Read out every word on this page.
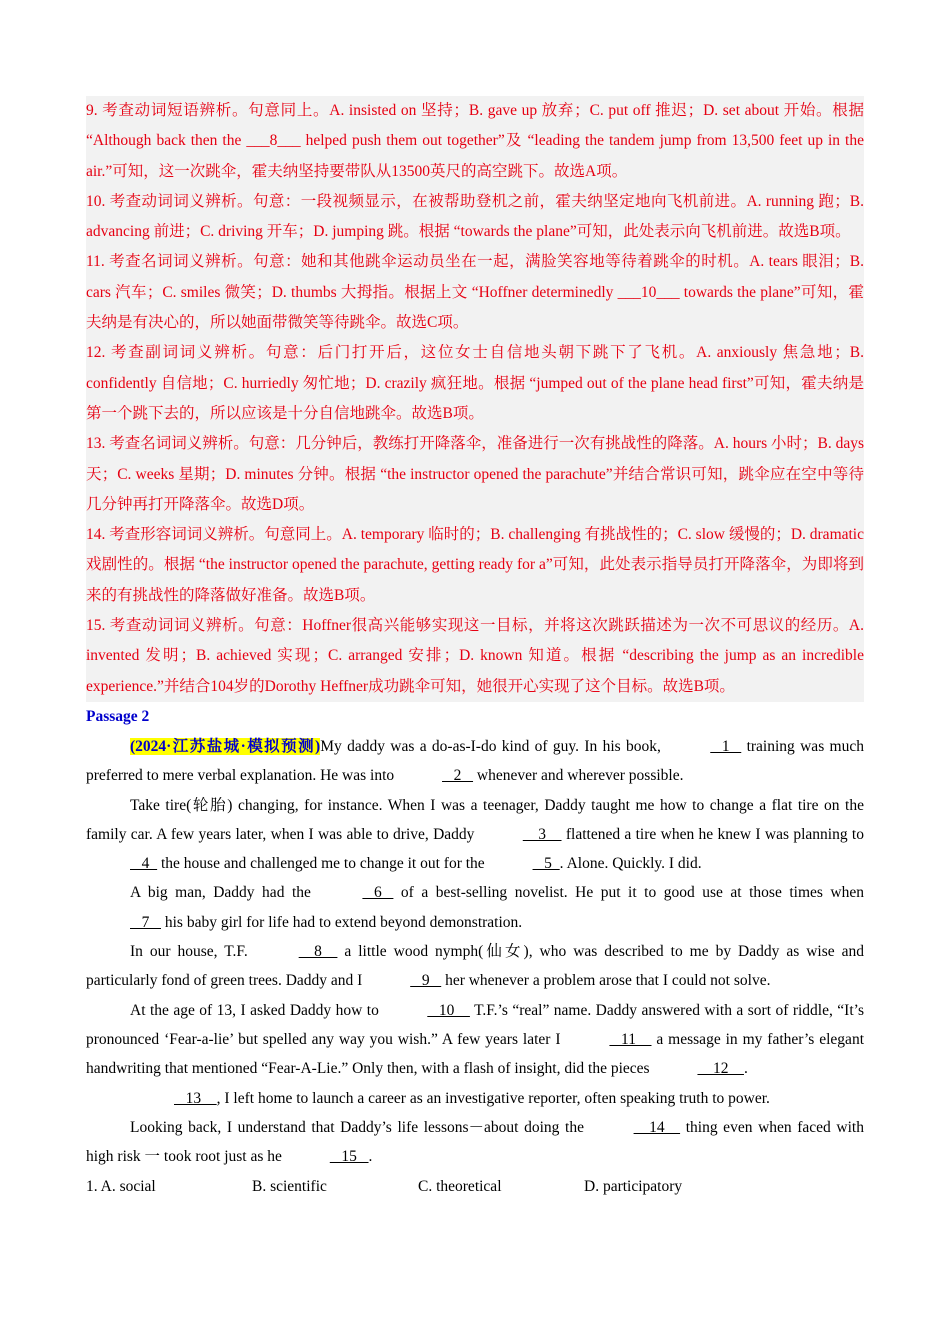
9. 考查动词短语辨析。句意同上。A. insisted on 坚持；B. gave up 放弃；C. put off 推迟；D. set about 开始。根据 “Although back then the ___8___ helped push them out together”及 “leading the tandem jump from 13,500 feet up in the air.”可知，这一次跳伞，霍夫纳坚持要带队从13500英尺的高空跳下。故选A项。

10. 考查动词词义辨析。句意：一段视频显示，在被帮助登机之前，霍夫纳坚定地向飞机前进。A. running 跑；B. advancing 前进；C. driving 开车；D. jumping 跳。根据 “towards the plane”可知，此处表示向飞机前进。故选B项。

11. 考查名词词义辨析。句意：她和其他跳伞运动员坐在一起，满脸笑容地等待着跳伞的时机。A. tears 眼泪；B. cars 汽车；C. smiles 微笑；D. thumbs 大拇指。根据上文 “Hoffner determinedly ___10___ towards the plane”可知，霍夫纳是有决心的，所以她面带微笑等待跳伞。故选C项。

12. 考查副词词义辨析。句意：后门打开后，这位女士自信地头朝下跳下了飞机。A. anxiously 焦急地；B. confidently 自信地；C. hurriedly 匆忙地；D. crazily 疯狂地。根据 “jumped out of the plane head first”可知，霍夫纳是第一个跳下去的，所以应该是十分自信地跳伞。故选B项。

13. 考查名词词义辨析。句意：几分钟后，教练打开降落伞，准备进行一次有挑战性的降落。A. hours 小时；B. days 天；C. weeks 星期；D. minutes 分钟。根据 “the instructor opened the parachute”并结合常识可知，跳伞应在空中等待几分钟再打开降落伞。故选D项。

14. 考查形容词词义辨析。句意同上。A. temporary 临时的；B. challenging 有挑战性的；C. slow 缓慢的；D. dramatic 戏剧性的。根据 “the instructor opened the parachute, getting ready for a”可知，此处表示指导员打开降落伞，为即将到来的有挑战性的降落做好准备。故选B项。

15. 考查动词词义辨析。句意：Hoffner很高兴能够实现这一目标，并将这次跳跃描述为一次不可思议的经历。A. invented 发明；B. achieved 实现；C. arranged 安排；D. known 知道。根据 “describing the jump as an incredible experience.”并结合104岁的Dorothy Heffner成功跳伞可知，她很开心实现了这个目标。故选B项。

Passage 2

(2024·江苏盐城·模拟预测)My daddy was a do-as-I-do kind of guy. In his book,	1    training was much preferred to mere verbal explanation. He was into	2    whenever and wherever possible.

Take tire(轮胎) changing, for instance. When I was a teenager, Daddy taught me how to change a flat tire on the family car. A few years later, when I was able to drive, Daddy	3     flattened a tire when he knew I was planning to    4   the house and challenged me to change it out for the	5  . Alone. Quickly. I did.

A big man, Daddy had the	6    of a best-selling novelist. He put it to good use at those times when    7    his baby girl for life had to extend beyond demonstration.

In our house, T.F.	8     a little wood nymph(仙女), who was described to me by Daddy as wise and particularly fond of green trees. Daddy and I	9    her whenever a problem arose that I could not solve.

At the age of 13, I asked Daddy how to	10     T.F.’s “real” name. Daddy answered with a sort of riddle, “It’s pronounced ‘Fear-a-lie’ but spelled any way you wish.” A few years later I	11     a message in my father’s elegant handwriting that mentioned “Fear-A-Lie.” Only then, with a flash of insight, did the pieces	12    .

13    , I left home to launch a career as an investigative reporter, often speaking truth to power.

Looking back, I understand that Daddy’s life lessons－about doing the	14     thing even when faced with high risk 一 took root just as he	15   .

1. A. social	B. scientific	C. theoretical	D. participatory
